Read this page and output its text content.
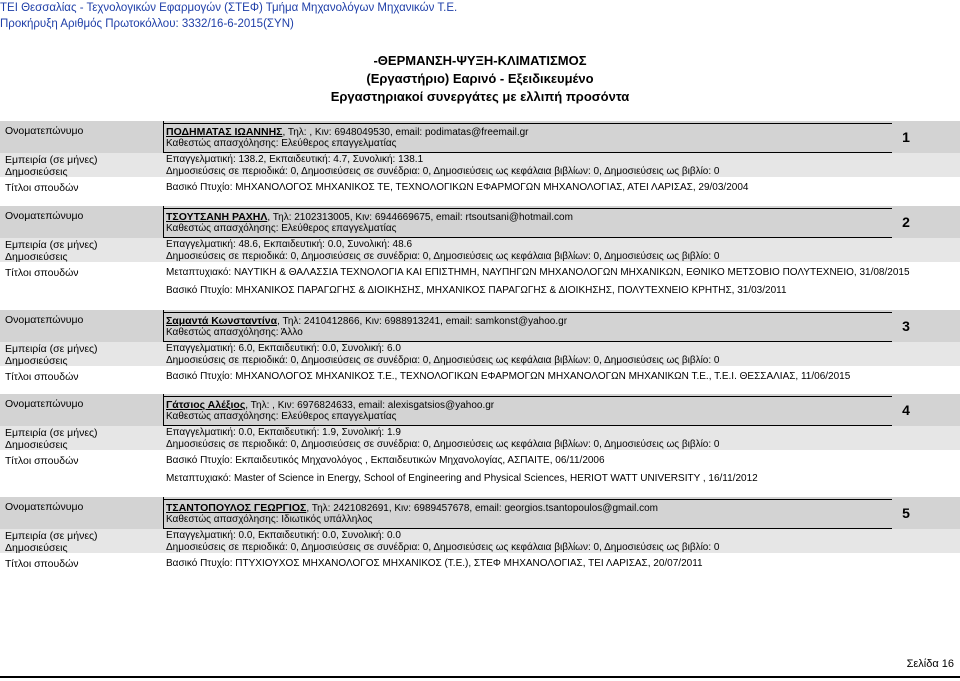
ΤΕΙ Θεσσαλίας - Τεχνολογικών Εφαρμογών (ΣΤΕΦ) Τμήμα Μηχανολόγων Μηχανικών Τ.Ε.
Προκήρυξη Αριθμός Πρωτοκόλλου: 3332/16-6-2015(ΣΥΝ)
-ΘΕΡΜΑΝΣΗ-ΨΥΞΗ-ΚΛΙΜΑΤΙΣΜΟΣ
(Εργαστήριο) Εαρινό - Εξειδικευμένο
Εργαστηριακοί συνεργάτες με ελλιπή προσόντα
Ονοματεπώνυμο
Εμπειρία (σε μήνες)
Δημοσιεύσεις
Τίτλοι σπουδών
ΠΟΔΗΜΑΤΑΣ ΙΩΑΝΝΗΣ, Τηλ: , Κιν: 6948049530, email: podimatas@freemail.gr
Καθεστώς απασχόλησης: Ελεύθερος επαγγελματίας
Επαγγελματική: 138.2, Εκπαιδευτική: 4.7, Συνολική: 138.1
Δημοσιεύσεις σε περιοδικά: 0, Δημοσιεύσεις σε συνέδρια: 0, Δημοσιεύσεις ως κεφάλαια βιβλίων: 0, Δημοσιεύσεις ως βιβλίο: 0
Βασικό Πτυχίο: ΜΗΧΑΝΟΛΟΓΟΣ ΜΗΧΑΝΙΚΟΣ ΤΕ, ΤΕΧΝΟΛΟΓΙΚΩΝ ΕΦΑΡΜΟΓΩΝ ΜΗΧΑΝΟΛΟΓΙΑΣ, ΑΤΕΙ ΛΑΡΙΣΑΣ, 29/03/2004
1
Ονοματεπώνυμο
Εμπειρία (σε μήνες)
Δημοσιεύσεις
Τίτλοι σπουδών
ΤΣΟΥΤΣΑΝΗ ΡΑΧΗΛ, Τηλ: 2102313005, Κιν: 6944669675, email: rtsoutsani@hotmail.com
Καθεστώς απασχόλησης: Ελεύθερος επαγγελματίας
Επαγγελματική: 48.6, Εκπαιδευτική: 0.0, Συνολική: 48.6
Δημοσιεύσεις σε περιοδικά: 0, Δημοσιεύσεις σε συνέδρια: 0, Δημοσιεύσεις ως κεφάλαια βιβλίων: 0, Δημοσιεύσεις ως βιβλίο: 0
Μεταπτυχιακό: ΝΑΥΤΙΚΗ & ΘΑΛΑΣΣΙΑ ΤΕΧΝΟΛΟΓΙΑ ΚΑΙ ΕΠΙΣΤΗΜΗ, ΝΑΥΠΗΓΩΝ ΜΗΧΑΝΟΛΟΓΩΝ ΜΗΧΑΝΙΚΩΝ, ΕΘΝΙΚΟ ΜΕΤΣΟΒΙΟ ΠΟΛΥΤΕΧΝΕΙΟ, 31/08/2015
Βασικό Πτυχίο: ΜΗΧΑΝΙΚΟΣ ΠΑΡΑΓΩΓΗΣ & ΔΙΟΙΚΗΣΗΣ, ΜΗΧΑΝΙΚΟΣ ΠΑΡΑΓΩΓΗΣ & ΔΙΟΙΚΗΣΗΣ, ΠΟΛΥΤΕΧΝΕΙΟ ΚΡΗΤΗΣ, 31/03/2011
2
Ονοματεπώνυμο
Εμπειρία (σε μήνες)
Δημοσιεύσεις
Τίτλοι σπουδών
Σαμαντά Κωνσταντίνα, Τηλ: 2410412866, Κιν: 6988913241, email: samkonst@yahoo.gr
Καθεστώς απασχόλησης: Άλλο
Επαγγελματική: 6.0, Εκπαιδευτική: 0.0, Συνολική: 6.0
Δημοσιεύσεις σε περιοδικά: 0, Δημοσιεύσεις σε συνέδρια: 0, Δημοσιεύσεις ως κεφάλαια βιβλίων: 0, Δημοσιεύσεις ως βιβλίο: 0
Βασικό Πτυχίο: ΜΗΧΑΝΟΛΟΓΟΣ ΜΗΧΑΝΙΚΟΣ Τ.Ε., ΤΕΧΝΟΛΟΓΙΚΩΝ ΕΦΑΡΜΟΓΩΝ ΜΗΧΑΝΟΛΟΓΩΝ ΜΗΧΑΝΙΚΩΝ Τ.Ε., Τ.Ε.Ι. ΘΕΣΣΑΛΙΑΣ, 11/06/2015
3
Ονοματεπώνυμο
Εμπειρία (σε μήνες)
Δημοσιεύσεις
Τίτλοι σπουδών
Γάτσιος Αλέξιος, Τηλ: , Κιν: 6976824633, email: alexisgatsios@yahoo.gr
Καθεστώς απασχόλησης: Ελεύθερος επαγγελματίας
Επαγγελματική: 0.0, Εκπαιδευτική: 1.9, Συνολική: 1.9
Δημοσιεύσεις σε περιοδικά: 0, Δημοσιεύσεις σε συνέδρια: 0, Δημοσιεύσεις ως κεφάλαια βιβλίων: 0, Δημοσιεύσεις ως βιβλίο: 0
Βασικό Πτυχίο: Εκπαιδευτικός Μηχανολόγος , Εκπαιδευτικών Μηχανολογίας, ΑΣΠΑΙΤΕ, 06/11/2006
Μεταπτυχιακό: Master of Science in Energy, School of Engineering and Physical Sciences, HERIOT WATT UNIVERSITY , 16/11/2012
4
Ονοματεπώνυμο
Εμπειρία (σε μήνες)
Δημοσιεύσεις
Τίτλοι σπουδών
ΤΣΑΝΤΟΠΟΥΛΟΣ ΓΕΩΡΓΙΟΣ, Τηλ: 2421082691, Κιν: 6989457678, email: georgios.tsantopoulos@gmail.com
Καθεστώς απασχόλησης: Ιδιωτικός υπάλληλος
Επαγγελματική: 0.0, Εκπαιδευτική: 0.0, Συνολική: 0.0
Δημοσιεύσεις σε περιοδικά: 0, Δημοσιεύσεις σε συνέδρια: 0, Δημοσιεύσεις ως κεφάλαια βιβλίων: 0, Δημοσιεύσεις ως βιβλίο: 0
Βασικό Πτυχίο: ΠΤΥΧΙΟΥΧΟΣ ΜΗΧΑΝΟΛΟΓΟΣ ΜΗΧΑΝΙΚΟΣ (Τ.Ε.), ΣΤΕΦ ΜΗΧΑΝΟΛΟΓΙΑΣ, ΤΕΙ ΛΑΡΙΣΑΣ, 20/07/2011
5
Σελίδα 16
